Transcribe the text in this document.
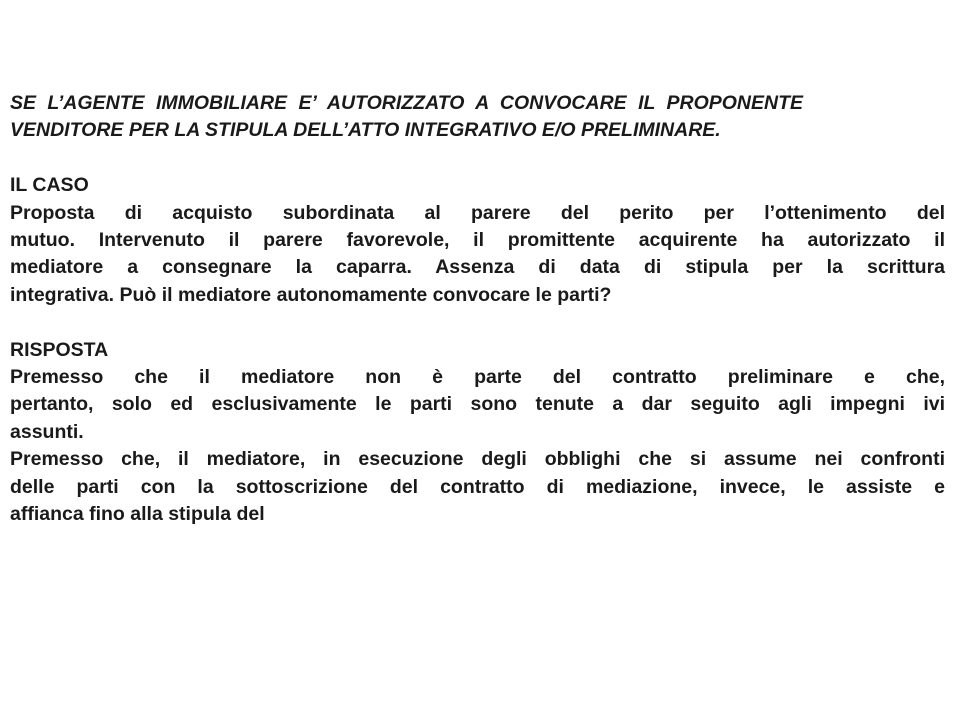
SE L’AGENTE IMMOBILIARE E’ AUTORIZZATO A CONVOCARE IL PROPONENTE
VENDITORE PER LA STIPULA DELL’ATTO INTEGRATIVO E/O PRELIMINARE.

IL CASO
Proposta di acquisto subordinata al parere del perito per l’ottenimento del
mutuo. Intervenuto il parere favorevole, il promittente acquirente ha autorizzato il
mediatore a consegnare la caparra. Assenza di data di stipula per la scrittura
integrativa. Può il mediatore autonomamente convocare le parti?
RISPOSTA
Premesso che il mediatore non è parte del contratto preliminare e che,
pertanto, solo ed esclusivamente le parti sono tenute a dar seguito agli impegni ivi
assunti.
Premesso che, il mediatore, in esecuzione degli obblighi che si assume nei confronti
delle parti con la sottoscrizione del contratto di mediazione, invece, le assiste e
affianca fino alla stipula del
